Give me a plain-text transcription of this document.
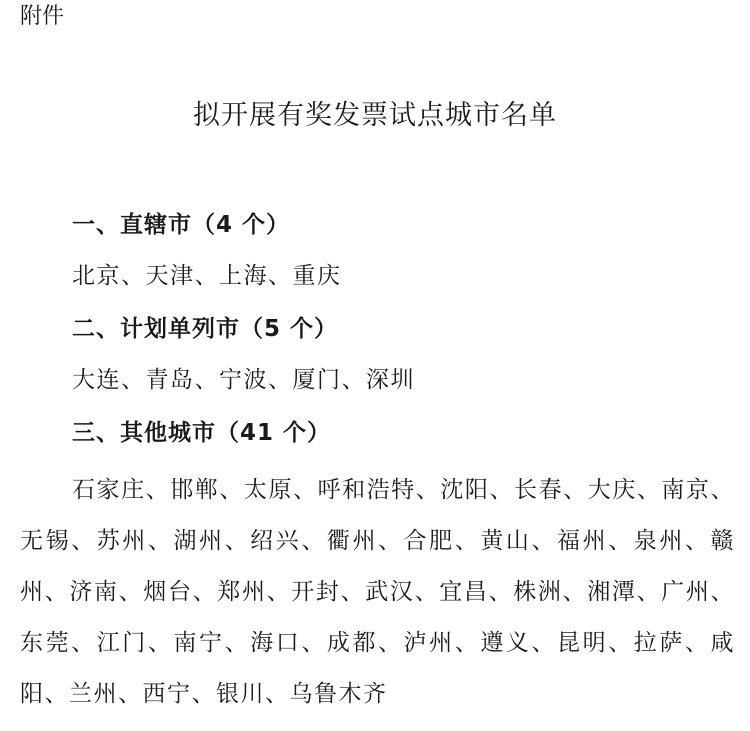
附件
拟开展有奖发票试点城市名单
一、直辖市（4 个）
北京、天津、上海、重庆
二、计划单列市（5 个）
大连、青岛、宁波、厦门、深圳
三、其他城市（41 个）
石家庄、邯郸、太原、呼和浩特、沈阳、长春、大庆、南京、无锡、苏州、湖州、绍兴、衢州、合肥、黄山、福州、泉州、赣州、济南、烟台、郑州、开封、武汉、宜昌、株洲、湘潭、广州、东莞、江门、南宁、海口、成都、泸州、遵义、昆明、拉萨、咸阳、兰州、西宁、银川、乌鲁木齐
